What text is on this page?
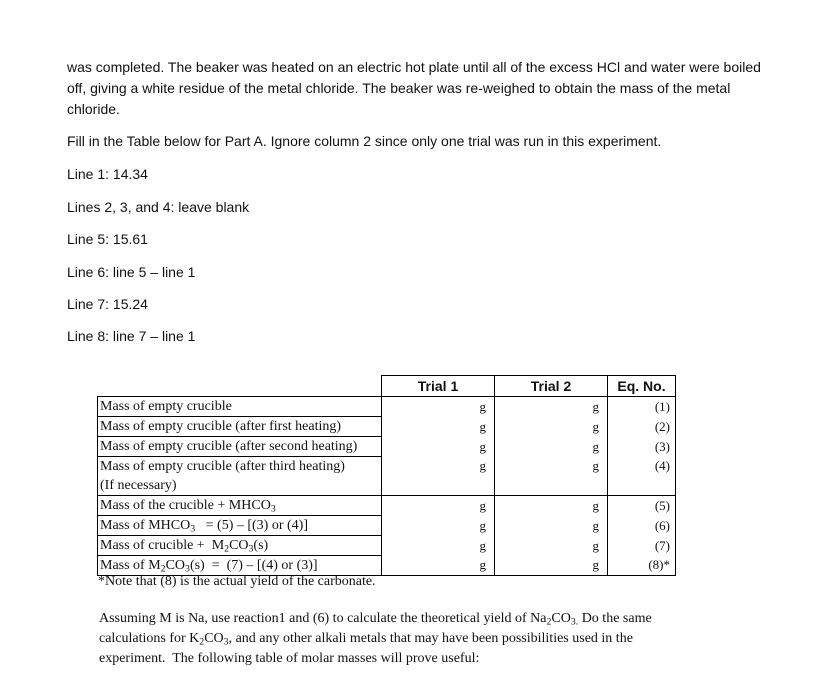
was completed. The beaker was heated on an electric hot plate until all of the excess HCl and water were boiled off, giving a white residue of the metal chloride. The beaker was re-weighed to obtain the mass of the metal chloride.

Fill in the Table below for Part A. Ignore column 2 since only one trial was run in this experiment.

Line 1: 14.34

Lines 2, 3, and 4: leave blank

Line 5: 15.61

Line 6: line 5 – line 1

Line 7: 15.24

Line 8: line 7 – line 1

	Trial 1	Trial 2	Eq. No.
Mass of empty crucible	g	g	(1)
Mass of empty crucible (after first heating)	g	g	(2)
Mass of empty crucible (after second heating)	g	g	(3)
Mass of empty crucible (after third heating)	g	g	(4)
(If necessary)			
Mass of the crucible + $MHCO_3$	g	g	(5)
Mass of $MHCO_3 = (5) - [(3)$ or (4)]	g	g	(6)
Mass of crucible +  $M_2CO_3(s)$	g	g	(7)
Mass of $M_2CO_3(s) = (7) - [(4)$ or (3)]	g	g	(8)*

*Note that (8) is the actual yield of the carbonate.

Assuming M is Na, use reaction1 and (6) to calculate the theoretical yield of $Na_2CO_{3.}$ Do the same calculations for $K_2CO_3$, and any other alkali metals that may have been possibilities used in the experiment.  The following table of molar masses will prove useful:
